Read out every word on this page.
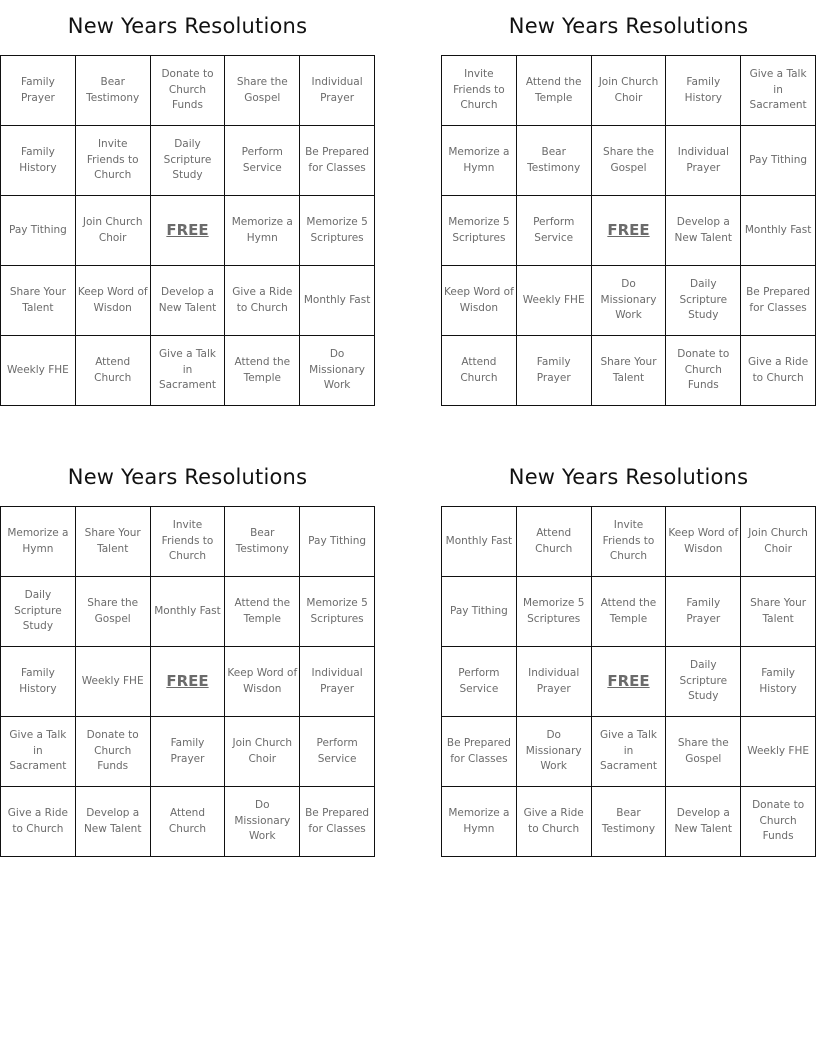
New Years Resolutions
Family Prayer	Bear Testimony	Donate to Church Funds	Share the Gospel	Individual Prayer
Family History	Invite Friends to Church	Daily Scripture Study	Perform Service	Be Prepared for Classes
Pay Tithing	Join Church Choir	FREE	Memorize a Hymn	Memorize 5 Scriptures
Share Your Talent	Keep Word of Wisdon	Develop a New Talent	Give a Ride to Church	Monthly Fast
Weekly FHE	Attend Church	Give a Talk in Sacrament	Attend the Temple	Do Missionary Work
New Years Resolutions
Invite Friends to Church	Attend the Temple	Join Church Choir	Family History	Give a Talk in Sacrament
Memorize a Hymn	Bear Testimony	Share the Gospel	Individual Prayer	Pay Tithing
Memorize 5 Scriptures	Perform Service	FREE	Develop a New Talent	Monthly Fast
Keep Word of Wisdon	Weekly FHE	Do Missionary Work	Daily Scripture Study	Be Prepared for Classes
Attend Church	Family Prayer	Share Your Talent	Donate to Church Funds	Give a Ride to Church
New Years Resolutions
Memorize a Hymn	Share Your Talent	Invite Friends to Church	Bear Testimony	Pay Tithing
Daily Scripture Study	Share the Gospel	Monthly Fast	Attend the Temple	Memorize 5 Scriptures
Family History	Weekly FHE	FREE	Keep Word of Wisdon	Individual Prayer
Give a Talk in Sacrament	Donate to Church Funds	Family Prayer	Join Church Choir	Perform Service
Give a Ride to Church	Develop a New Talent	Attend Church	Do Missionary Work	Be Prepared for Classes
New Years Resolutions
Monthly Fast	Attend Church	Invite Friends to Church	Keep Word of Wisdon	Join Church Choir
Pay Tithing	Memorize 5 Scriptures	Attend the Temple	Family Prayer	Share Your Talent
Perform Service	Individual Prayer	FREE	Daily Scripture Study	Family History
Be Prepared for Classes	Do Missionary Work	Give a Talk in Sacrament	Share the Gospel	Weekly FHE
Memorize a Hymn	Give a Ride to Church	Bear Testimony	Develop a New Talent	Donate to Church Funds
